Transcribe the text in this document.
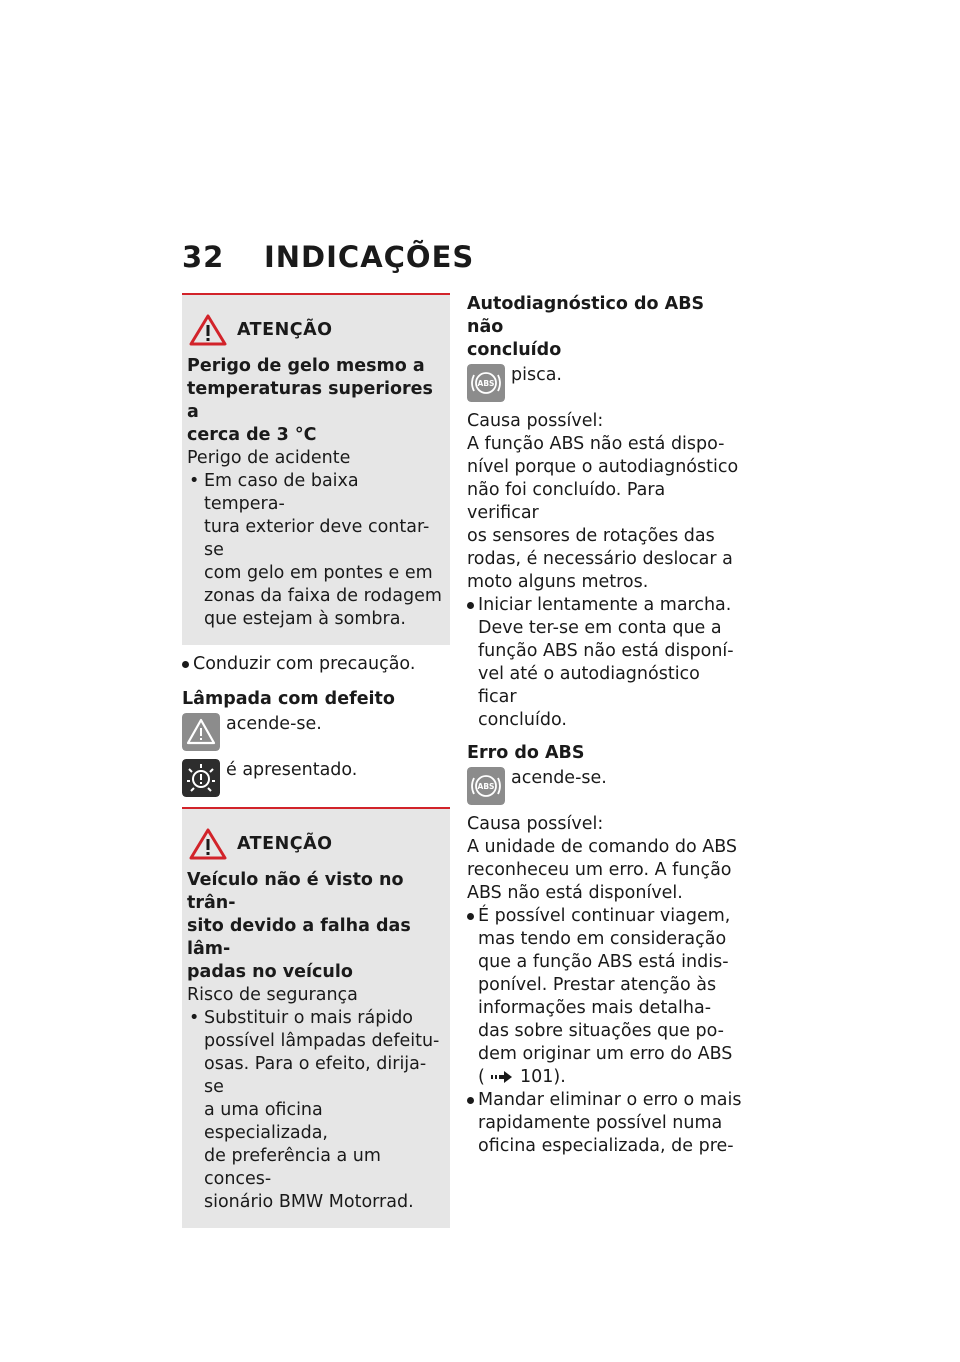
32	INDICAÇÕES
ATENÇÃO
Perigo de gelo mesmo a
temperaturas superiores a
cerca de 3 °C
Perigo de acidente
• Em caso de baixa tempera-
tura exterior deve contar-se
com gelo em pontes e em
zonas da faixa de rodagem
que estejam à sombra.
Conduzir com precaução.
Lâmpada com defeito
acende-se.
é apresentado.
ATENÇÃO
Veículo não é visto no trân-
sito devido a falha das lâm-
padas no veículo
Risco de segurança
• Substituir o mais rápido
possível lâmpadas defeitu-
osas. Para o efeito, dirija-se
a uma oficina especializada,
de preferência a um conces-
sionário BMW Motorrad.
Autodiagnóstico do ABS não
concluído
ABS pisca.
Causa possível:
A função ABS não está dispo-
nível porque o autodiagnóstico
não foi concluído. Para verificar
os sensores de rotações das
rodas, é necessário deslocar a
moto alguns metros.
Iniciar lentamente a marcha.
Deve ter-se em conta que a
função ABS não está disponí-
vel até o autodiagnóstico ficar
concluído.
Erro do ABS
ABS acende-se.
Causa possível:
A unidade de comando do ABS
reconheceu um erro. A função
ABS não está disponível.
É possível continuar viagem,
mas tendo em consideração
que a função ABS está indis-
ponível. Prestar atenção às
informações mais detalha-
das sobre situações que po-
dem originar um erro do ABS
( 101).
Mandar eliminar o erro o mais
rapidamente possível numa
oficina especializada, de pre-
